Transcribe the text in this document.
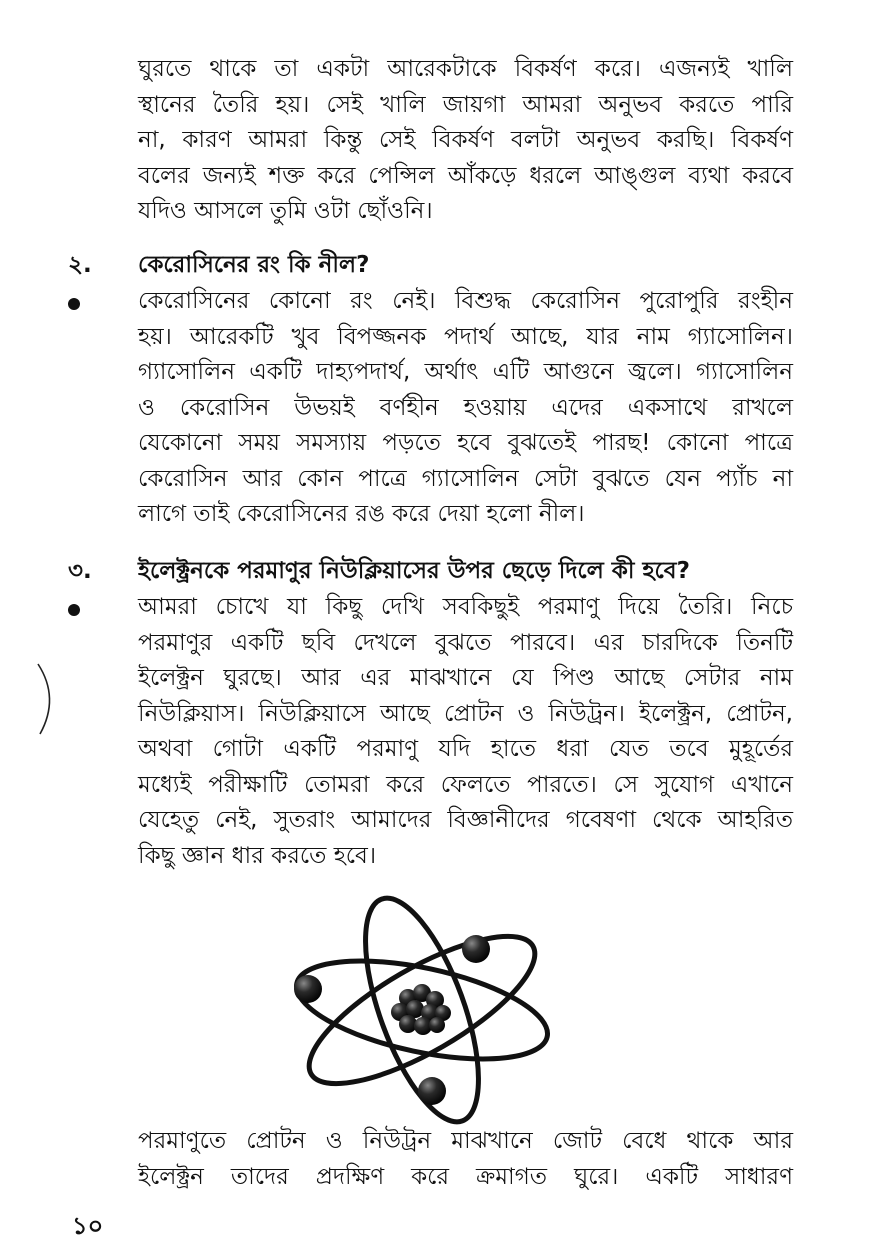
ঘুরতে থাকে তা একটা আরেকটাকে বিকর্ষণ করে। এজন্যই খালি
স্থানের তৈরি হয়। সেই খালি জায়গা আমরা অনুভব করতে পারি
না, কারণ আমরা কিন্তু সেই বিকর্ষণ বলটা অনুভব করছি। বিকর্ষণ
বলের জন্যই শক্ত করে পেন্সিল আঁকড়ে ধরলে আঙ্গুল ব্যথা করবে
যদিও আসলে তুমি ওটা ছোঁওনি।
২. কেরোসিনের রং কি নীল?
কেরোসিনের কোনো রং নেই। বিশুদ্ধ কেরোসিন পুরোপুরি রংহীন
হয়। আরেকটি খুব বিপজ্জনক পদার্থ আছে, যার নাম গ্যাসোলিন।
গ্যাসোলিন একটি দাহ্যপদার্থ, অর্থাৎ এটি আগুনে জ্বলে। গ্যাসোলিন
ও কেরোসিন উভয়ই বর্ণহীন হওয়ায় এদের একসাথে রাখলে
যেকোনো সময় সমস্যায় পড়তে হবে বুঝতেই পারছ! কোনো পাত্রে
কেরোসিন আর কোন পাত্রে গ্যাসোলিন সেটা বুঝতে যেন প্যাঁচ না
লাগে তাই কেরোসিনের রঙ করে দেয়া হলো নীল।
৩. ইলেক্ট্রনকে পরমাণুর নিউক্লিয়াসের উপর ছেড়ে দিলে কী হবে?
আমরা চোখে যা কিছু দেখি সবকিছুই পরমাণু দিয়ে তৈরি। নিচে
পরমাণুর একটি ছবি দেখলে বুঝতে পারবে। এর চারদিকে তিনটি
ইলেক্ট্রন ঘুরছে। আর এর মাঝখানে যে পিণ্ড আছে সেটার নাম
নিউক্লিয়াস। নিউক্লিয়াসে আছে প্রোটন ও নিউট্রন। ইলেক্ট্রন, প্রোটন,
অথবা গোটা একটি পরমাণু যদি হাতে ধরা যেত তবে মুহূর্তের
মধ্যেই পরীক্ষাটি তোমরা করে ফেলতে পারতে। সে সুযোগ এখানে
যেহেতু নেই, সুতরাং আমাদের বিজ্ঞানীদের গবেষণা থেকে আহরিত
কিছু জ্ঞান ধার করতে হবে।
পরমাণুতে প্রোটন ও নিউট্রন মাঝখানে জোট বেধে থাকে আর
ইলেক্ট্রন তাদের প্রদক্ষিণ করে ক্রমাগত ঘুরে। একটি সাধারণ
১০
